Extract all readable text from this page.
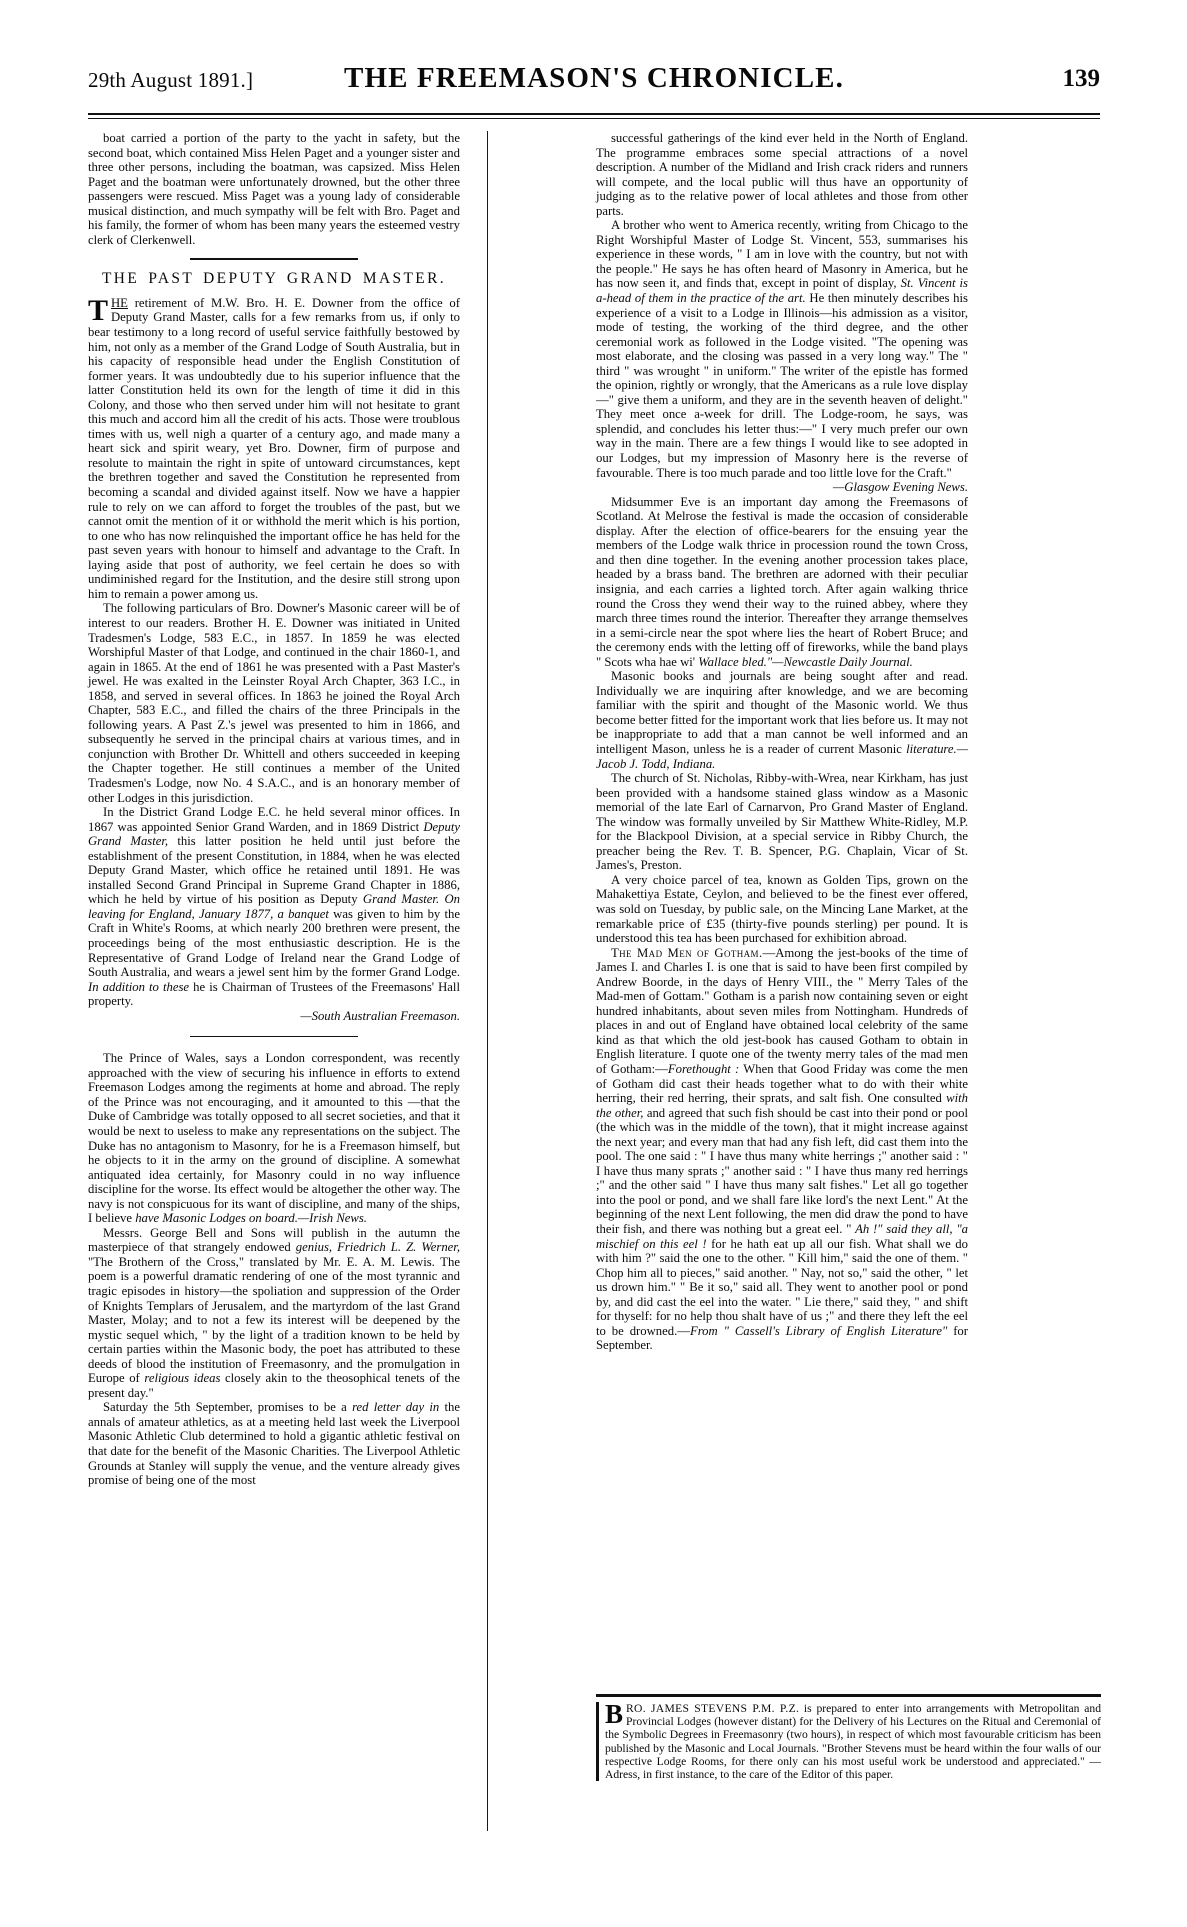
29th August 1891.]	THE FREEMASON'S CHRONICLE.	139

boat carried a portion of the party to the yacht in safety, but the second boat, which contained Miss Helen Paget and a younger sister and three other persons, including the boatman, was capsized. Miss Helen Paget and the boatman were unfortunately drowned, but the other three passengers were rescued. Miss Paget was a young lady of considerable musical distinction, and much sympathy will be felt with Bro. Paget and his family, the former of whom has been many years the esteemed vestry clerk of Clerkenwell.

THE PAST DEPUTY GRAND MASTER.

THE retirement of M.W. Bro. H. E. Downer from the office of Deputy Grand Master, calls for a few remarks from us, if only to bear testimony to a long record of useful service faithfully bestowed by him, not only as a member of the Grand Lodge of South Australia, but in his capacity of responsible head under the English Constitution of former years. It was undoubtedly due to his superior influence that the latter Constitution held its own for the length of time it did in this Colony, and those who then served under him will not hesitate to grant this much and accord him all the credit of his acts. Those were troublous times with us, well nigh a quarter of a century ago, and made many a heart sick and spirit weary, yet Bro. Downer, firm of purpose and resolute to maintain the right in spite of untoward circumstances, kept the brethren together and saved the Constitution he represented from becoming a scandal and divided against itself. Now we have a happier rule to rely on we can afford to forget the troubles of the past, but we cannot omit the mention of it or withhold the merit which is his portion, to one who has now relinquished the important office he has held for the past seven years with honour to himself and advantage to the Craft. In laying aside that post of authority, we feel certain he does so with undiminished regard for the Institution, and the desire still strong upon him to remain a power among us.

The following particulars of Bro. Downer's Masonic career will be of interest to our readers. Brother H. E. Downer was initiated in United Tradesmen's Lodge, 583 E.C., in 1857. In 1859 he was elected Worshipful Master of that Lodge, and continued in the chair 1860-1, and again in 1865. At the end of 1861 he was presented with a Past Master's jewel. He was exalted in the Leinster Royal Arch Chapter, 363 I.C., in 1858, and served in several offices. In 1863 he joined the Royal Arch Chapter, 583 E.C., and filled the chairs of the three Principals in the following years. A Past Z.'s jewel was presented to him in 1866, and subsequently he served in the principal chairs at various times, and in conjunction with Brother Dr. Whittell and others succeeded in keeping the Chapter together. He still continues a member of the United Tradesmen's Lodge, now No. 4 S.A.C., and is an honorary member of other Lodges in this jurisdiction.

In the District Grand Lodge E.C. he held several minor offices. In 1867 was appointed Senior Grand Warden, and in 1869 District Deputy Grand Master, this latter position he held until just before the establishment of the present Constitution, in 1884, when he was elected Deputy Grand Master, which office he retained until 1891. He was installed Second Grand Principal in Supreme Grand Chapter in 1886, which he held by virtue of his position as Deputy Grand Master. On leaving for England, January 1877, a banquet was given to him by the Craft in White's Rooms, at which nearly 200 brethren were present, the proceedings being of the most enthusiastic description. He is the Representative of Grand Lodge of Ireland near the Grand Lodge of South Australia, and wears a jewel sent him by the former Grand Lodge. In addition to these he is Chairman of Trustees of the Freemasons' Hall property.

—South Australian Freemason.

The Prince of Wales, says a London correspondent, was recently approached with the view of securing his influence in efforts to extend Freemason Lodges among the regiments at home and abroad. The reply of the Prince was not encouraging, and it amounted to this —that the Duke of Cambridge was totally opposed to all secret societies, and that it would be next to useless to make any representations on the subject. The Duke has no antagonism to Masonry, for he is a Freemason himself, but he objects to it in the army on the ground of discipline. A somewhat antiquated idea certainly, for Masonry could in no way influence discipline for the worse. Its effect would be altogether the other way. The navy is not conspicuous for its want of discipline, and many of the ships, I believe have Masonic Lodges on board.—Irish News.

Messrs. George Bell and Sons will publish in the autumn the masterpiece of that strangely endowed genius, Friedrich L. Z. Werner, "The Brothern of the Cross," translated by Mr. E. A. M. Lewis. The poem is a powerful dramatic rendering of one of the most tyrannic and tragic episodes in history—the spoliation and suppression of the Order of Knights Templars of Jerusalem, and the martyrdom of the last Grand Master, Molay; and to not a few its interest will be deepened by the mystic sequel which, " by the light of a tradition known to be held by certain parties within the Masonic body, the poet has attributed to these deeds of blood the institution of Freemasonry, and the promulgation in Europe of religious ideas closely akin to the theosophical tenets of the present day."

Saturday the 5th September, promises to be a red letter day in the annals of amateur athletics, as at a meeting held last week the Liverpool Masonic Athletic Club determined to hold a gigantic athletic festival on that date for the benefit of the Masonic Charities. The Liverpool Athletic Grounds at Stanley will supply the venue, and the venture already gives promise of being one of the most

successful gatherings of the kind ever held in the North of England. The programme embraces some special attractions of a novel description. A number of the Midland and Irish crack riders and runners will compete, and the local public will thus have an opportunity of judging as to the relative power of local athletes and those from other parts.

A brother who went to America recently, writing from Chicago to the Right Worshipful Master of Lodge St. Vincent, 553, summarises his experience in these words, " I am in love with the country, but not with the people." He says he has often heard of Masonry in America, but he has now seen it, and finds that, except in point of display, St. Vincent is a-head of them in the practice of the art. He then minutely describes his experience of a visit to a Lodge in Illinois—his admission as a visitor, mode of testing, the working of the third degree, and the other ceremonial work as followed in the Lodge visited. "The opening was most elaborate, and the closing was passed in a very long way." The " third " was wrought " in uniform." The writer of the epistle has formed the opinion, rightly or wrongly, that the Americans as a rule love display—" give them a uniform, and they are in the seventh heaven of delight." They meet once a-week for drill. The Lodge-room, he says, was splendid, and concludes his letter thus:—" I very much prefer our own way in the main. There are a few things I would like to see adopted in our Lodges, but my impression of Masonry here is the reverse of favourable. There is too much parade and too little love for the Craft."

—Glasgow Evening News.

Midsummer Eve is an important day among the Freemasons of Scotland. At Melrose the festival is made the occasion of considerable display. After the election of office-bearers for the ensuing year the members of the Lodge walk thrice in procession round the town Cross, and then dine together. In the evening another procession takes place, headed by a brass band. The brethren are adorned with their peculiar insignia, and each carries a lighted torch. After again walking thrice round the Cross they wend their way to the ruined abbey, where they march three times round the interior. Thereafter they arrange themselves in a semi-circle near the spot where lies the heart of Robert Bruce; and the ceremony ends with the letting off of fireworks, while the band plays " Scots wha hae wi' Wallace bled."—Newcastle Daily Journal.

Masonic books and journals are being sought after and read. Individually we are inquiring after knowledge, and we are becoming familiar with the spirit and thought of the Masonic world. We thus become better fitted for the important work that lies before us. It may not be inappropriate to add that a man cannot be well informed and an intelligent Mason, unless he is a reader of current Masonic literature.—Jacob J. Todd, Indiana.

The church of St. Nicholas, Ribby-with-Wrea, near Kirkham, has just been provided with a handsome stained glass window as a Masonic memorial of the late Earl of Carnarvon, Pro Grand Master of England. The window was formally unveiled by Sir Matthew White-Ridley, M.P. for the Blackpool Division, at a special service in Ribby Church, the preacher being the Rev. T. B. Spencer, P.G. Chaplain, Vicar of St. James's, Preston.

A very choice parcel of tea, known as Golden Tips, grown on the Mahakettiya Estate, Ceylon, and believed to be the finest ever offered, was sold on Tuesday, by public sale, on the Mincing Lane Market, at the remarkable price of £35 (thirty-five pounds sterling) per pound. It is understood this tea has been purchased for exhibition abroad.

The Mad Men of Gotham.—Among the jest-books of the time of James I. and Charles I. is one that is said to have been first compiled by Andrew Boorde, in the days of Henry VIII., the " Merry Tales of the Mad-men of Gottam." Gotham is a parish now containing seven or eight hundred inhabitants, about seven miles from Nottingham. Hundreds of places in and out of England have obtained local celebrity of the same kind as that which the old jest-book has caused Gotham to obtain in English literature. I quote one of the twenty merry tales of the mad men of Gotham:—Forethought : When that Good Friday was come the men of Gotham did cast their heads together what to do with their white herring, their red herring, their sprats, and salt fish. One consulted with the other, and agreed that such fish should be cast into their pond or pool (the which was in the middle of the town), that it might increase against the next year; and every man that had any fish left, did cast them into the pool. The one said : " I have thus many white herrings ;" another said : " I have thus many sprats ;" another said : " I have thus many red herrings ;" and the other said " I have thus many salt fishes." Let all go together into the pool or pond, and we shall fare like lord's the next Lent." At the beginning of the next Lent following, the men did draw the pond to have their fish, and there was nothing but a great eel. " Ah !" said they all, "a mischief on this eel ! for he hath eat up all our fish. What shall we do with him ?" said the one to the other. " Kill him," said the one of them. " Chop him all to pieces," said another. " Nay, not so," said the other, " let us drown him." " Be it so," said all. They went to another pool or pond by, and did cast the eel into the water. " Lie there," said they, " and shift for thyself: for no help thou shalt have of us ;" and there they left the eel to be drowned.—From " Cassell's Library of English Literature" for September.

BRO. JAMES STEVENS P.M. P.Z. is prepared to enter into arrangements with Metropolitan and Provincial Lodges (however distant) for the Delivery of his Lectures on the Ritual and Ceremonial of the Symbolic Degrees in Freemasonry (two hours), in respect of which most favourable criticism has been published by the Masonic and Local Journals. "Brother Stevens must be heard within the four walls of our respective Lodge Rooms, for there only can his most useful work be understood and appreciated." —Adress, in first instance, to the care of the Editor of this paper.
